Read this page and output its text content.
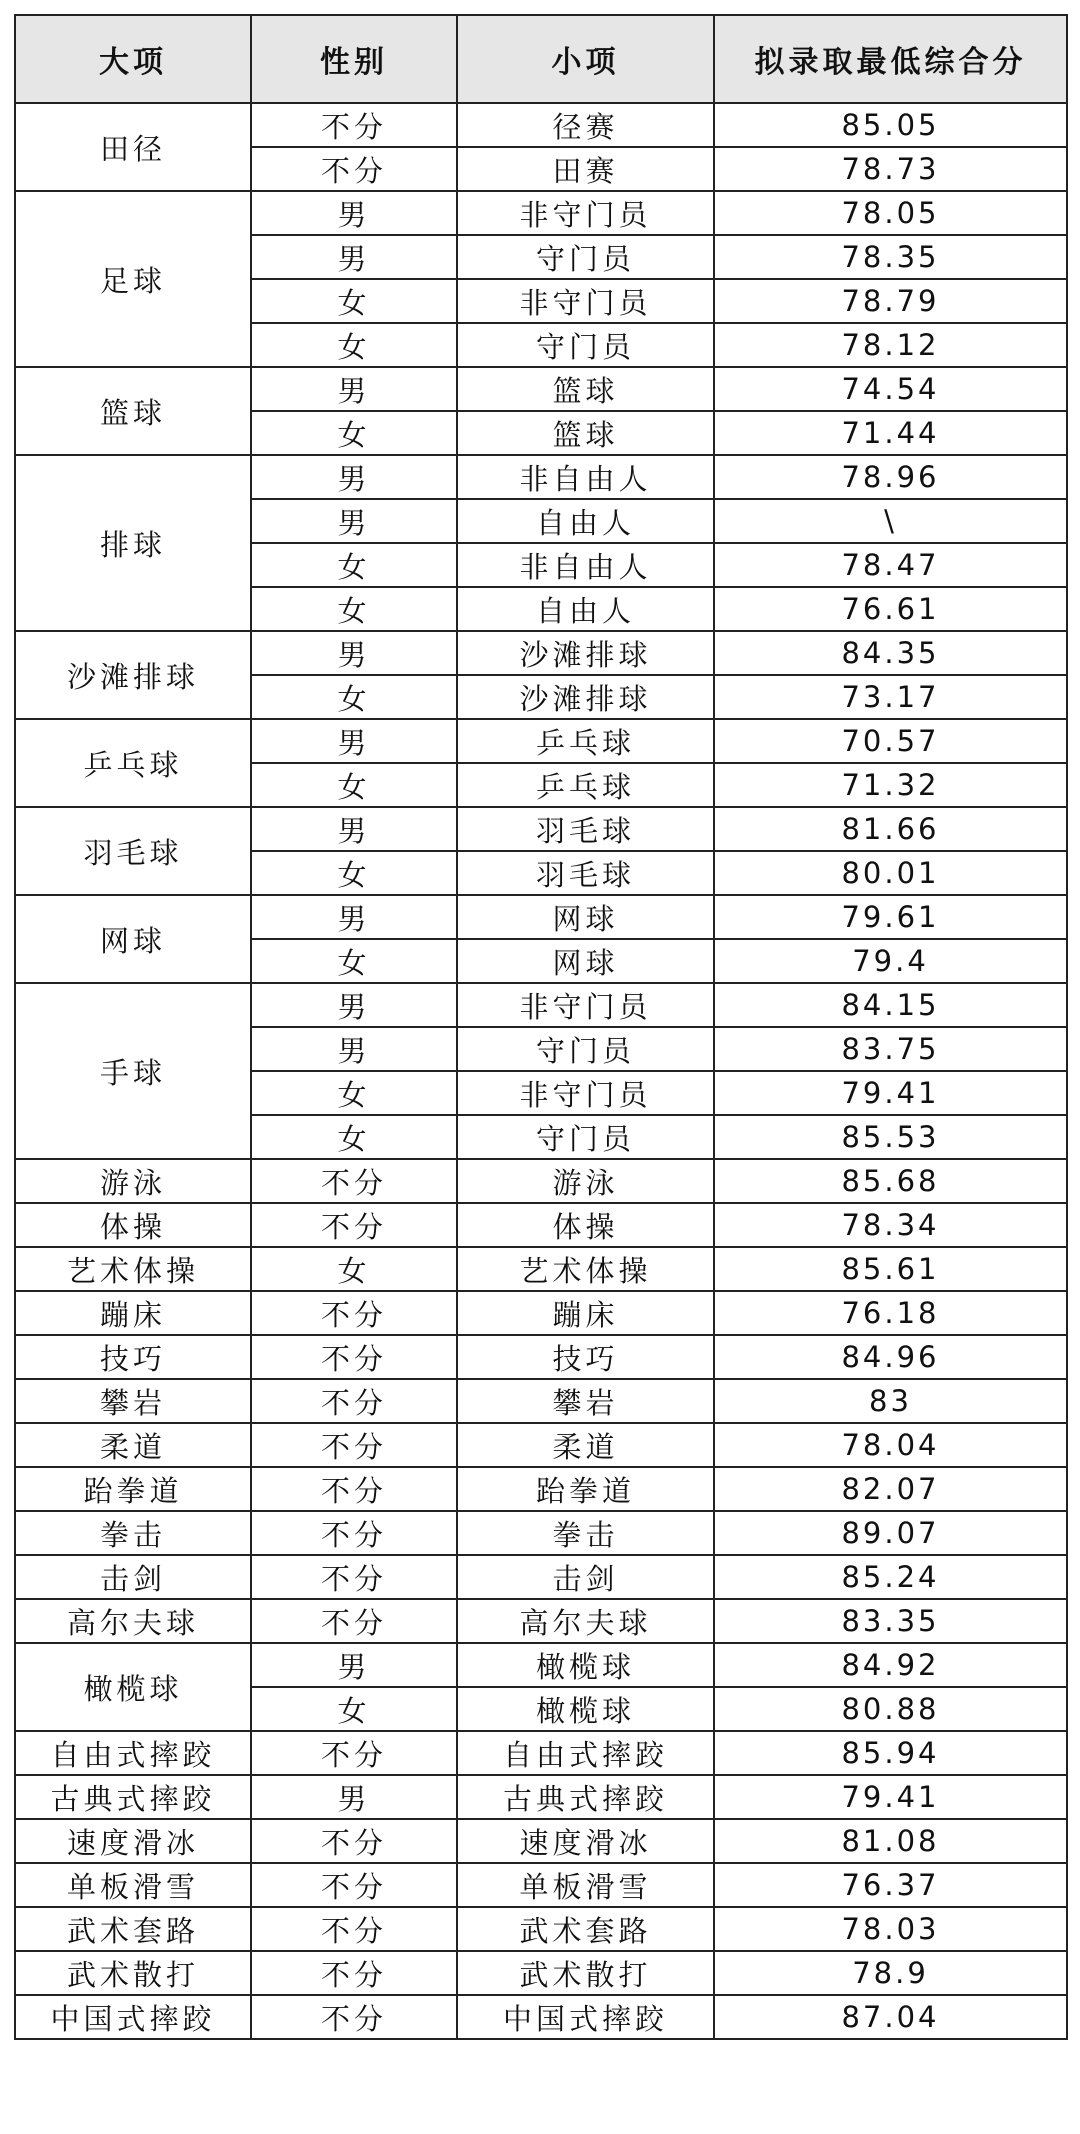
大项	性别	小项	拟录取最低综合分
田径	不分	径赛	85.05
	不分	田赛	78.73
足球	男	非守门员	78.05
	男	守门员	78.35
	女	非守门员	78.79
	女	守门员	78.12
篮球	男	篮球	74.54
	女	篮球	71.44
排球	男	非自由人	78.96
	男	自由人	\
	女	非自由人	78.47
	女	自由人	76.61
沙滩排球	男	沙滩排球	84.35
	女	沙滩排球	73.17
乒乓球	男	乒乓球	70.57
	女	乒乓球	71.32
羽毛球	男	羽毛球	81.66
	女	羽毛球	80.01
网球	男	网球	79.61
	女	网球	79.4
手球	男	非守门员	84.15
	男	守门员	83.75
	女	非守门员	79.41
	女	守门员	85.53
游泳	不分	游泳	85.68
体操	不分	体操	78.34
艺术体操	女	艺术体操	85.61
蹦床	不分	蹦床	76.18
技巧	不分	技巧	84.96
攀岩	不分	攀岩	83
柔道	不分	柔道	78.04
跆拳道	不分	跆拳道	82.07
拳击	不分	拳击	89.07
击剑	不分	击剑	85.24
高尔夫球	不分	高尔夫球	83.35
橄榄球	男	橄榄球	84.92
	女	橄榄球	80.88
自由式摔跤	不分	自由式摔跤	85.94
古典式摔跤	男	古典式摔跤	79.41
速度滑冰	不分	速度滑冰	81.08
单板滑雪	不分	单板滑雪	76.37
武术套路	不分	武术套路	78.03
武术散打	不分	武术散打	78.9
中国式摔跤	不分	中国式摔跤	87.04
